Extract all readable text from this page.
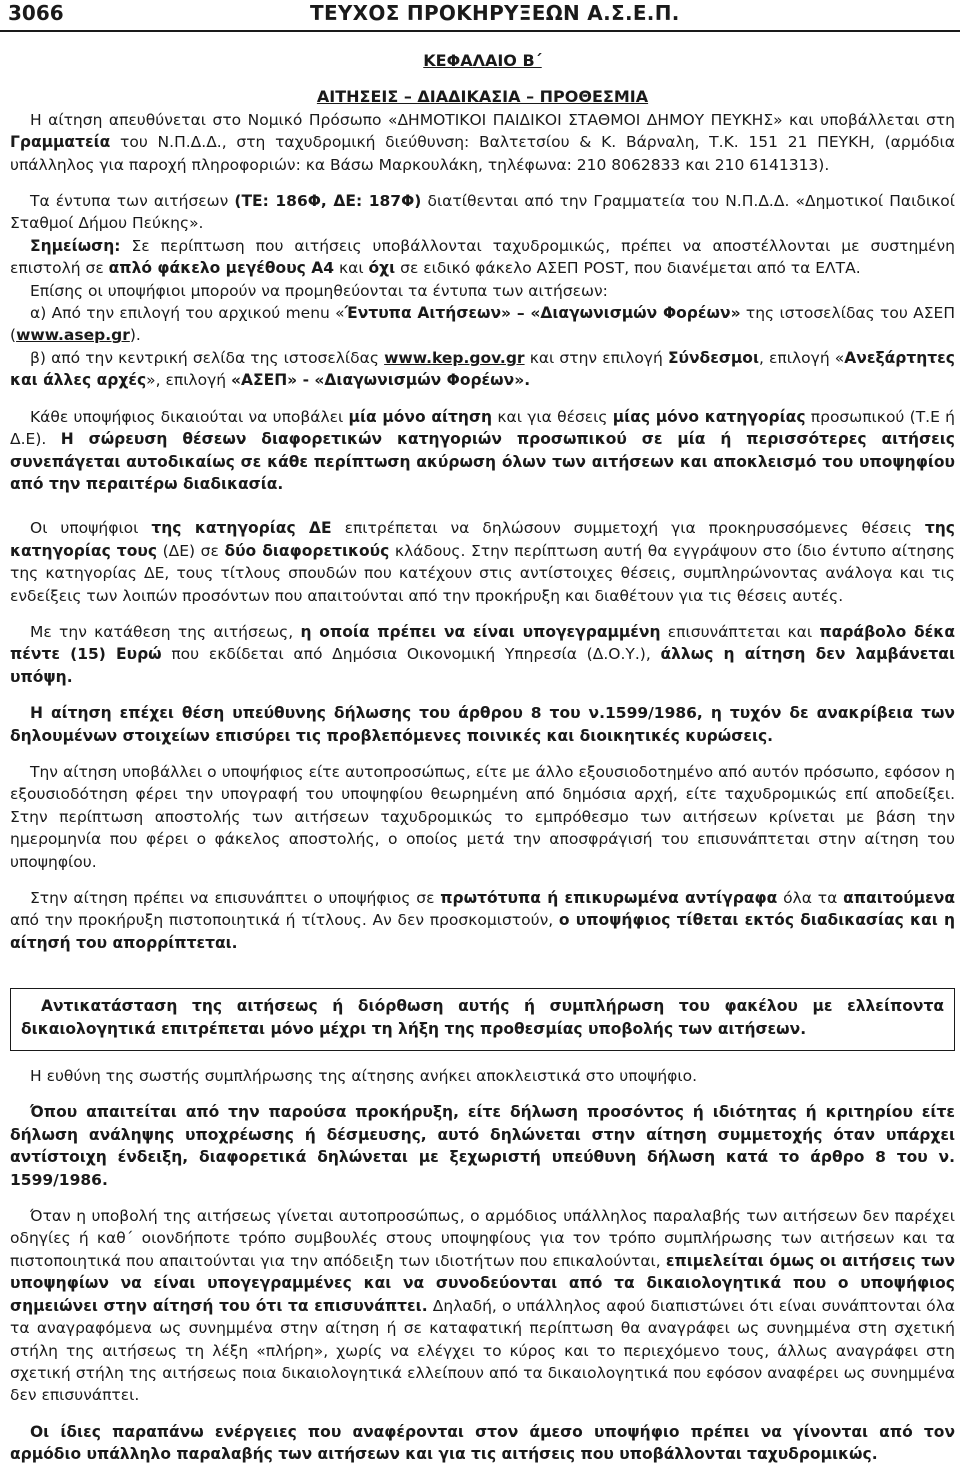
3066	ΤΕΥΧΟΣ ΠΡΟΚΗΡΥΞΕΩΝ Α.Σ.Ε.Π.
ΚΕΦΑΛΑΙΟ Β΄
ΑΙΤΗΣΕΙΣ – ΔΙΑΔΙΚΑΣΙΑ – ΠΡΟΘΕΣΜΙΑ

Η αίτηση απευθύνεται στο Νομικό Πρόσωπο «ΔΗΜΟΤΙΚΟΙ ΠΑΙΔΙΚΟΙ ΣΤΑΘΜΟΙ ΔΗΜΟΥ ΠΕΥΚΗΣ» και υποβάλλεται στη Γραμματεία του Ν.Π.Δ.Δ., στη ταχυδρομική διεύθυνση: Βαλτετσίου & Κ. Βάρναλη, Τ.Κ. 151 21 ΠΕΥΚΗ, (αρμόδια υπάλληλος για παροχή πληροφοριών: κα Βάσω Μαρκουλάκη, τηλέφωνα: 210 8062833 και 210 6141313).

Τα έντυπα των αιτήσεων (ΤΕ: 186Φ, ΔΕ: 187Φ) διατίθενται από την Γραμματεία του Ν.Π.Δ.Δ. «Δημοτικοί Παιδικοί Σταθμοί Δήμου Πεύκης».

Σημείωση: Σε περίπτωση που αιτήσεις υποβάλλονται ταχυδρομικώς, πρέπει να αποστέλλονται με συστημένη επιστολή σε απλό φάκελο μεγέθους Α4 και όχι σε ειδικό φάκελο ΑΣΕΠ POST, που διανέμεται από τα ΕΛΤΑ.

Επίσης οι υποψήφιοι μπορούν να προμηθεύονται τα έντυπα των αιτήσεων:

α) Από την επιλογή του αρχικού menu «Έντυπα Αιτήσεων» – «Διαγωνισμών Φορέων» της ιστοσελίδας του ΑΣΕΠ (www.asep.gr).

β) από την κεντρική σελίδα της ιστοσελίδας www.kep.gov.gr και στην επιλογή Σύνδεσμοι, επιλογή «Ανεξάρτητες και άλλες αρχές», επιλογή «ΑΣΕΠ» - «Διαγωνισμών Φορέων».

Κάθε υποψήφιος δικαιούται να υποβάλει μία μόνο αίτηση και για θέσεις μίας μόνο κατηγορίας προσωπικού (Τ.Ε ή Δ.Ε). Η σώρευση θέσεων διαφορετικών κατηγοριών προσωπικού σε μία ή περισσότερες αιτήσεις συνεπάγεται αυτοδικαίως σε κάθε περίπτωση ακύρωση όλων των αιτήσεων και αποκλεισμό του υποψηφίου από την περαιτέρω διαδικασία.

Οι υποψήφιοι της κατηγορίας ΔΕ επιτρέπεται να δηλώσουν συμμετοχή για προκηρυσσόμενες θέσεις της κατηγορίας τους (ΔΕ) σε δύο διαφορετικούς κλάδους. Στην περίπτωση αυτή θα εγγράψουν στο ίδιο έντυπο αίτησης της κατηγορίας ΔΕ, τους τίτλους σπουδών που κατέχουν στις αντίστοιχες θέσεις, συμπληρώνοντας ανάλογα και τις ενδείξεις των λοιπών προσόντων που απαιτούνται από την προκήρυξη και διαθέτουν για τις θέσεις αυτές.

Με την κατάθεση της αιτήσεως, η οποία πρέπει να είναι υπογεγραμμένη επισυνάπτεται και παράβολο δέκα πέντε (15) Ευρώ που εκδίδεται από Δημόσια Οικονομική Υπηρεσία (Δ.Ο.Υ.), άλλως η αίτηση δεν λαμβάνεται υπόψη.

Η αίτηση επέχει θέση υπεύθυνης δήλωσης του άρθρου 8 του ν.1599/1986, η τυχόν δε ανακρίβεια των δηλουμένων στοιχείων επισύρει τις προβλεπόμενες ποινικές και διοικητικές κυρώσεις.

Την αίτηση υποβάλλει ο υποψήφιος είτε αυτοπροσώπως, είτε με άλλο εξουσιοδοτημένο από αυτόν πρόσωπο, εφόσον η εξουσιοδότηση φέρει την υπογραφή του υποψηφίου θεωρημένη από δημόσια αρχή, είτε ταχυδρομικώς επί αποδείξει. Στην περίπτωση αποστολής των αιτήσεων ταχυδρομικώς το εμπρόθεσμο των αιτήσεων κρίνεται με βάση την ημερομηνία που φέρει ο φάκελος αποστολής, ο οποίος μετά την αποσφράγισή του επισυνάπτεται στην αίτηση του υποψηφίου.

Στην αίτηση πρέπει να επισυνάπτει ο υποψήφιος σε πρωτότυπα ή επικυρωμένα αντίγραφα όλα τα απαιτούμενα από την προκήρυξη πιστοποιητικά ή τίτλους. Αν δεν προσκομιστούν, ο υποψήφιος τίθεται εκτός διαδικασίας και η αίτησή του απορρίπτεται.

Αντικατάσταση της αιτήσεως ή διόρθωση αυτής ή συμπλήρωση του φακέλου με ελλείποντα δικαιολογητικά επιτρέπεται μόνο μέχρι τη λήξη της προθεσμίας υποβολής των αιτήσεων.

Η ευθύνη της σωστής συμπλήρωσης της αίτησης ανήκει αποκλειστικά στο υποψήφιο.

Όπου απαιτείται από την παρούσα προκήρυξη, είτε δήλωση προσόντος ή ιδιότητας ή κριτηρίου είτε δήλωση ανάληψης υποχρέωσης ή δέσμευσης, αυτό δηλώνεται στην αίτηση συμμετοχής όταν υπάρχει αντίστοιχη ένδειξη, διαφορετικά δηλώνεται με ξεχωριστή υπεύθυνη δήλωση κατά το άρθρο 8 του ν. 1599/1986.

Όταν η υποβολή της αιτήσεως γίνεται αυτοπροσώπως, ο αρμόδιος υπάλληλος παραλαβής των αιτήσεων δεν παρέχει οδηγίες ή καθ΄ οιονδήποτε τρόπο συμβουλές στους υποψηφίους για τον τρόπο συμπλήρωσης των αιτήσεων και τα πιστοποιητικά που απαιτούνται για την απόδειξη των ιδιοτήτων που επικαλούνται, επιμελείται όμως οι αιτήσεις των υποψηφίων να είναι υπογεγραμμένες και να συνοδεύονται από τα δικαιολογητικά που ο υποψήφιος σημειώνει στην αίτησή του ότι τα επισυνάπτει. Δηλαδή, ο υπάλληλος αφού διαπιστώνει ότι είναι συνάπτονται όλα τα αναγραφόμενα ως συνημμένα στην αίτηση ή σε καταφατική περίπτωση θα αναγράφει ως συνημμένα στη σχετική στήλη της αιτήσεως τη λέξη «πλήρη», χωρίς να ελέγχει το κύρος και το περιεχόμενο τους, άλλως αναγράφει στη σχετική στήλη της αιτήσεως ποια δικαιολογητικά ελλείπουν από τα δικαιολογητικά που εφόσον αναφέρει ως συνημμένα δεν επισυνάπτει.

Οι ίδιες παραπάνω ενέργειες που αναφέρονται στον άμεσο υποψήφιο πρέπει να γίνονται από τον αρμόδιο υπάλληλο παραλαβής των αιτήσεων και για τις αιτήσεις που υποβάλλονται ταχυδρομικώς.
